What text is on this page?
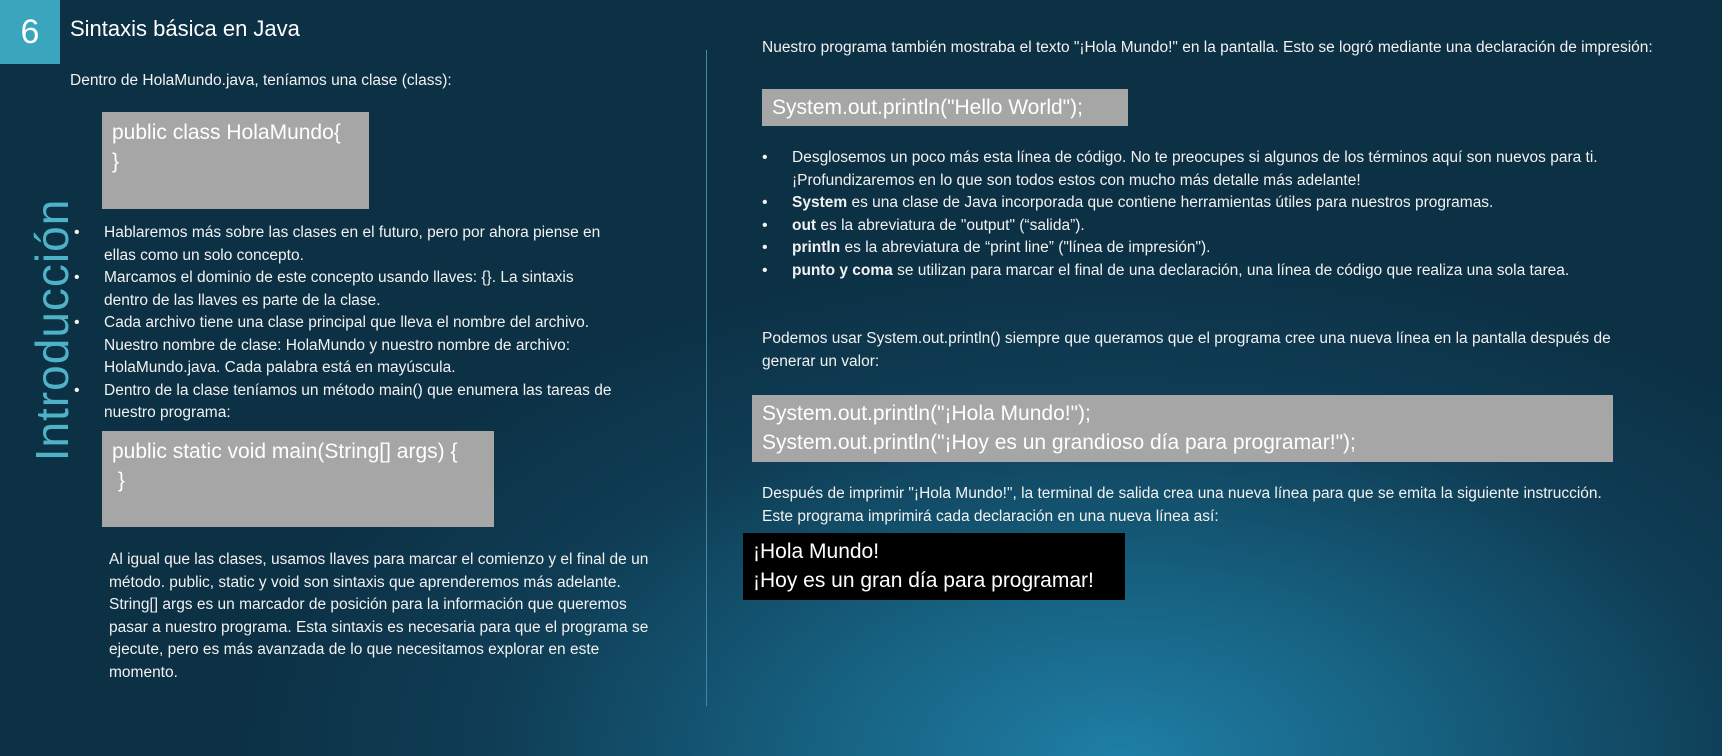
6	Sintaxis básica en Java
Introducción
Dentro de HolaMundo.java, teníamos una clase (class):
public class HolaMundo{
}
• Hablaremos más sobre las clases en el futuro, pero por ahora piense en ellas como un solo concepto.
• Marcamos el dominio de este concepto usando llaves: {}. La sintaxis dentro de las llaves es parte de la clase.
• Cada archivo tiene una clase principal que lleva el nombre del archivo. Nuestro nombre de clase: HolaMundo y nuestro nombre de archivo: HolaMundo.java. Cada palabra está en mayúscula.
• Dentro de la clase teníamos un método main() que enumera las tareas de nuestro programa:
public static void main(String[] args) {
}
Al igual que las clases, usamos llaves para marcar el comienzo y el final de un método. public, static y void son sintaxis que aprenderemos más adelante. String[] args es un marcador de posición para la información que queremos pasar a nuestro programa. Esta sintaxis es necesaria para que el programa se ejecute, pero es más avanzada de lo que necesitamos explorar en este momento.
Nuestro programa también mostraba el texto "¡Hola Mundo!" en la pantalla. Esto se logró mediante una declaración de impresión:
System.out.println("Hello World");
• Desglosemos un poco más esta línea de código. No te preocupes si algunos de los términos aquí son nuevos para ti. ¡Profundizaremos en lo que son todos estos con mucho más detalle más adelante!
• System es una clase de Java incorporada que contiene herramientas útiles para nuestros programas.
• out es la abreviatura de "output" (“salida”).
• println es la abreviatura de “print line” ("línea de impresión").
• punto y coma se utilizan para marcar el final de una declaración, una línea de código que realiza una sola tarea.
Podemos usar System.out.println() siempre que queramos que el programa cree una nueva línea en la pantalla después de generar un valor:
System.out.println("¡Hola Mundo!");
System.out.println("¡Hoy es un grandioso día para programar!");
Después de imprimir "¡Hola Mundo!", la terminal de salida crea una nueva línea para que se emita la siguiente instrucción. Este programa imprimirá cada declaración en una nueva línea así:
¡Hola Mundo!
¡Hoy es un gran día para programar!
